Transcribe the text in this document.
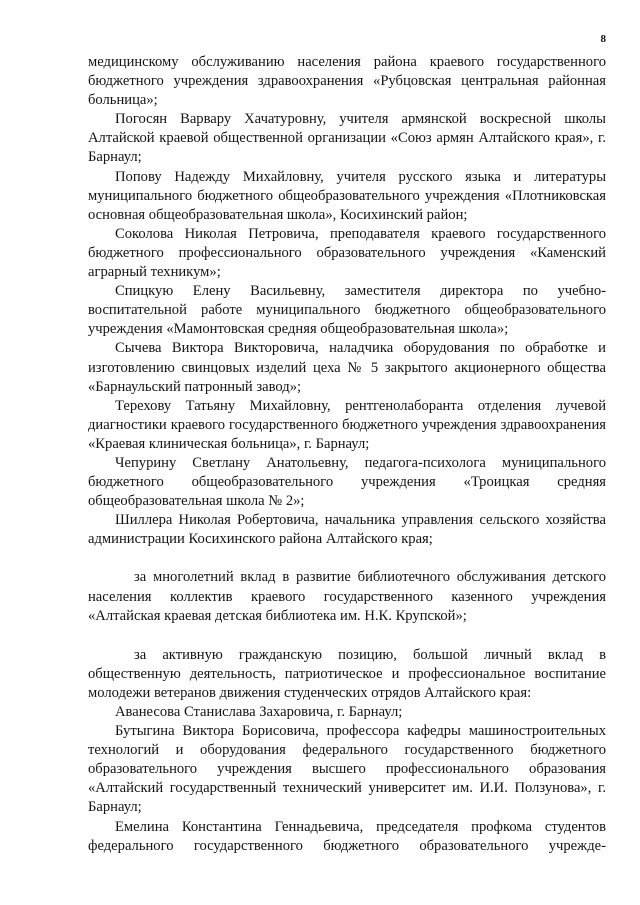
8

медицинскому обслуживанию населения района краевого государственного бюджетного учреждения здравоохранения «Рубцовская центральная районная больница»;

Погосян Варвару Хачатуровну, учителя армянской воскресной школы Алтайской краевой общественной организации «Союз армян Алтайского края», г. Барнаул;

Попову Надежду Михайловну, учителя русского языка и литературы муниципального бюджетного общеобразовательного учреждения «Плотниковская основная общеобразовательная школа», Косихинский район;

Соколова Николая Петровича, преподавателя краевого государственного бюджетного профессионального образовательного учреждения «Каменский аграрный техникум»;

Спицкую Елену Васильевну, заместителя директора по учебно-воспитательной работе муниципального бюджетного общеобразовательного учреждения «Мамонтовская средняя общеобразовательная школа»;

Сычева Виктора Викторовича, наладчика оборудования по обработке и изготовлению свинцовых изделий цеха № 5 закрытого акционерного общества «Барнаульский патронный завод»;

Терехову Татьяну Михайловну, рентгенолаборанта отделения лучевой диагностики краевого государственного бюджетного учреждения здравоохранения «Краевая клиническая больница», г. Барнаул;

Чепурину Светлану Анатольевну, педагога-психолога муниципального бюджетного общеобразовательного учреждения «Троицкая средняя общеобразовательная школа № 2»;

Шиллера Николая Робертовича, начальника управления сельского хозяйства администрации Косихинского района Алтайского края;

за многолетний вклад в развитие библиотечного обслуживания детского населения коллектив краевого государственного казенного учреждения «Алтайская краевая детская библиотека им. Н.К. Крупской»;

за активную гражданскую позицию, большой личный вклад в общественную деятельность, патриотическое и профессиональное воспитание молодежи ветеранов движения студенческих отрядов Алтайского края:

Аванесова Станислава Захаровича, г. Барнаул;

Бутыгина Виктора Борисовича, профессора кафедры машиностроительных технологий и оборудования федерального государственного бюджетного образовательного учреждения высшего профессионального образования «Алтайский государственный технический университет им. И.И. Ползунова», г. Барнаул;

Емелина Константина Геннадьевича, председателя профкома студентов федерального государственного бюджетного образовательного учрежде-
